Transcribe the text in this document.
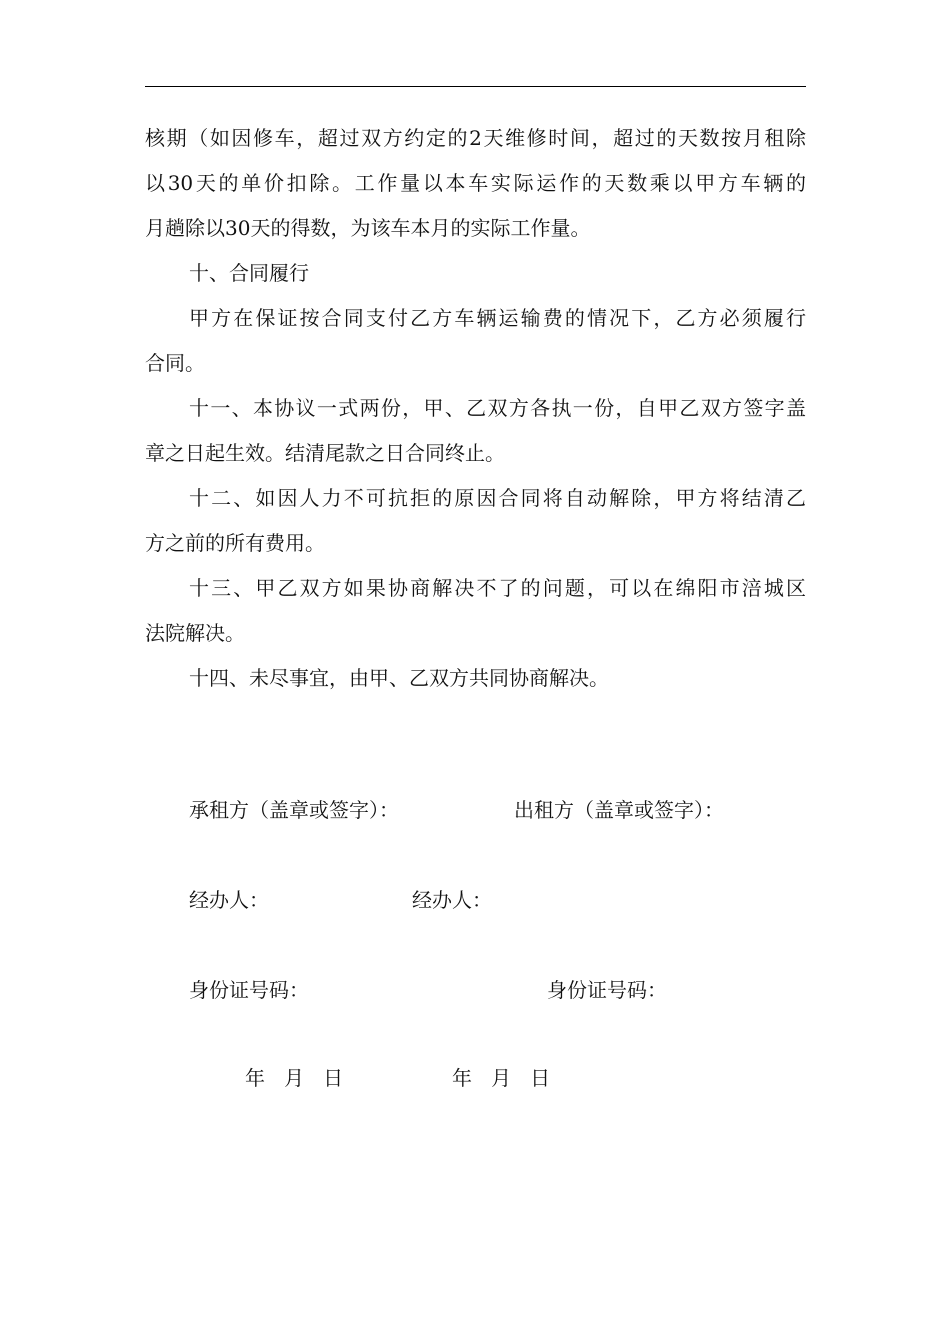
核期（如因修车，超过双方约定的2天维修时间，超过的天数按月租除
以30天的单价扣除。工作量以本车实际运作的天数乘以甲方车辆的
月趟除以30天的得数，为该车本月的实际工作量。
十、合同履行
甲方在保证按合同支付乙方车辆运输费的情况下，乙方必须履行
合同。
十一、本协议一式两份，甲、乙双方各执一份，自甲乙双方签字盖
章之日起生效。结清尾款之日合同终止。
十二、如因人力不可抗拒的原因合同将自动解除，甲方将结清乙
方之前的所有费用。
十三、甲乙双方如果协商解决不了的问题，可以在绵阳市涪城区
法院解决。
十四、未尽事宜，由甲、乙双方共同协商解决。
承租方（盖章或签字）：	出租方（盖章或签字）：
经办人：	经办人：
身份证号码：	身份证号码：
年   月   日	年   月   日
